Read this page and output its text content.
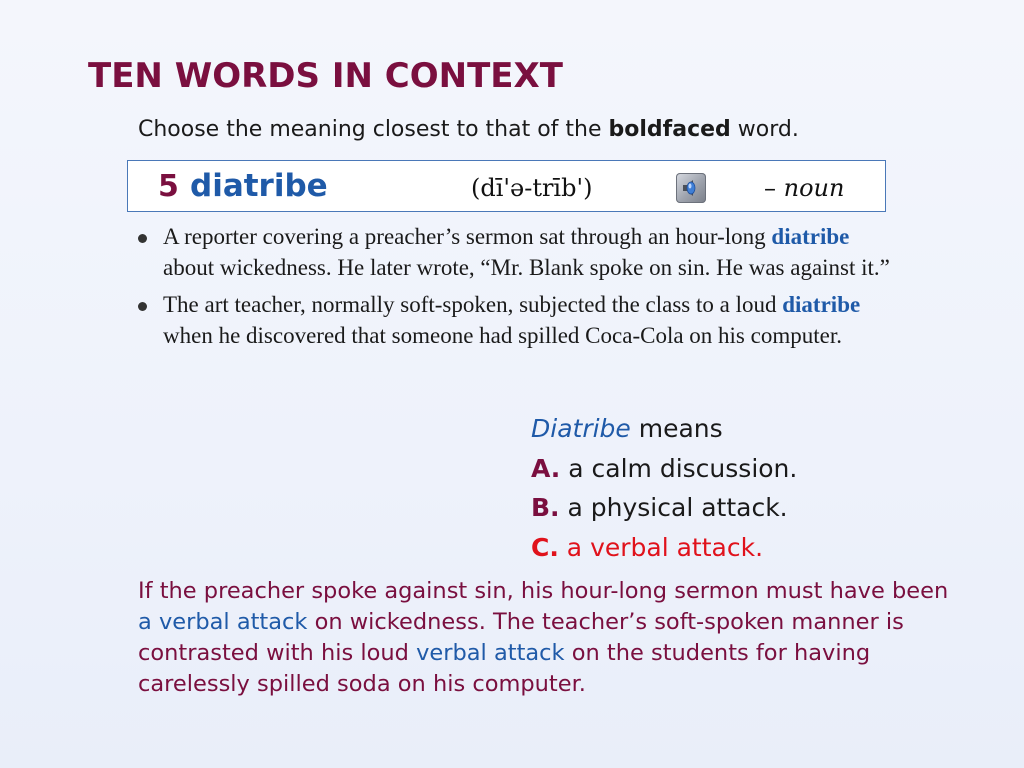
TEN WORDS IN CONTEXT
Choose the meaning closest to that of the boldfaced word.
5 diatribe	(dī'ə-trīb')	– noun
A reporter covering a preacher’s sermon sat through an hour-long diatribe about wickedness. He later wrote, “Mr. Blank spoke on sin. He was against it.”
The art teacher, normally soft-spoken, subjected the class to a loud diatribe when he discovered that someone had spilled Coca-Cola on his computer.
Diatribe means
A. a calm discussion.
B. a physical attack.
C. a verbal attack.
If the preacher spoke against sin, his hour-long sermon must have been a verbal attack on wickedness. The teacher’s soft-spoken manner is contrasted with his loud verbal attack on the students for having carelessly spilled soda on his computer.
